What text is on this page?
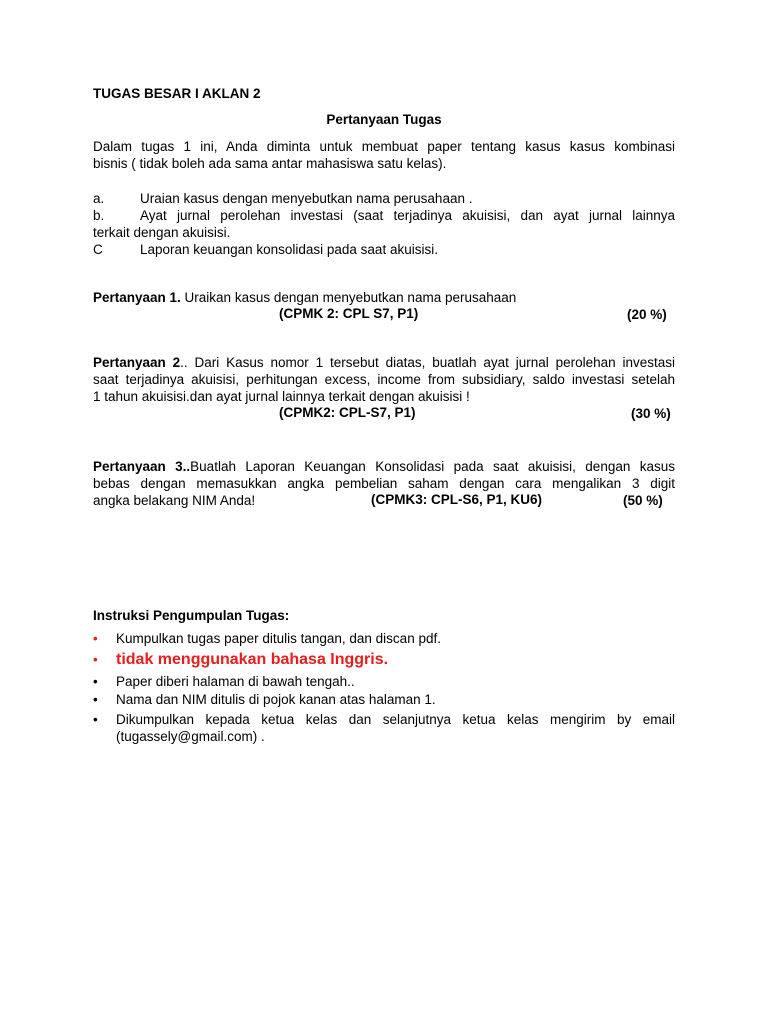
TUGAS BESAR I AKLAN 2
Pertanyaan Tugas
Dalam tugas 1 ini, Anda diminta untuk membuat paper tentang kasus kasus kombinasi
bisnis ( tidak boleh ada sama antar mahasiswa satu kelas).
a.	Uraian kasus dengan menyebutkan nama perusahaan .
b.	Ayat jurnal perolehan investasi (saat terjadinya akuisisi, dan ayat jurnal lainnya
terkait dengan akuisisi.
C	Laporan keuangan konsolidasi pada saat akuisisi.
Pertanyaan 1. Uraikan kasus dengan menyebutkan nama perusahaan
(CPMK 2: CPL S7, P1)	(20 %)
Pertanyaan 2.. Dari Kasus nomor 1 tersebut diatas, buatlah ayat jurnal perolehan investasi
saat terjadinya akuisisi, perhitungan excess, income from subsidiary, saldo investasi setelah
1 tahun akuisisi.dan ayat jurnal lainnya terkait dengan akuisisi !
(CPMK2: CPL-S7, P1)	(30 %)
Pertanyaan 3..Buatlah Laporan Keuangan Konsolidasi pada saat akuisisi, dengan kasus
bebas dengan memasukkan angka pembelian saham dengan cara mengalikan 3 digit
angka belakang NIM Anda!	(CPMK3: CPL-S6, P1, KU6)	(50 %)
Instruksi Pengumpulan Tugas:
•	Kumpulkan tugas paper ditulis tangan, dan discan pdf.
•	tidak menggunakan bahasa Inggris.
•	Paper diberi halaman di bawah tengah..
•	Nama dan NIM ditulis di pojok kanan atas halaman 1.
•	Dikumpulkan kepada ketua kelas dan selanjutnya ketua kelas mengirim by email
(tugassely@gmail.com) .
